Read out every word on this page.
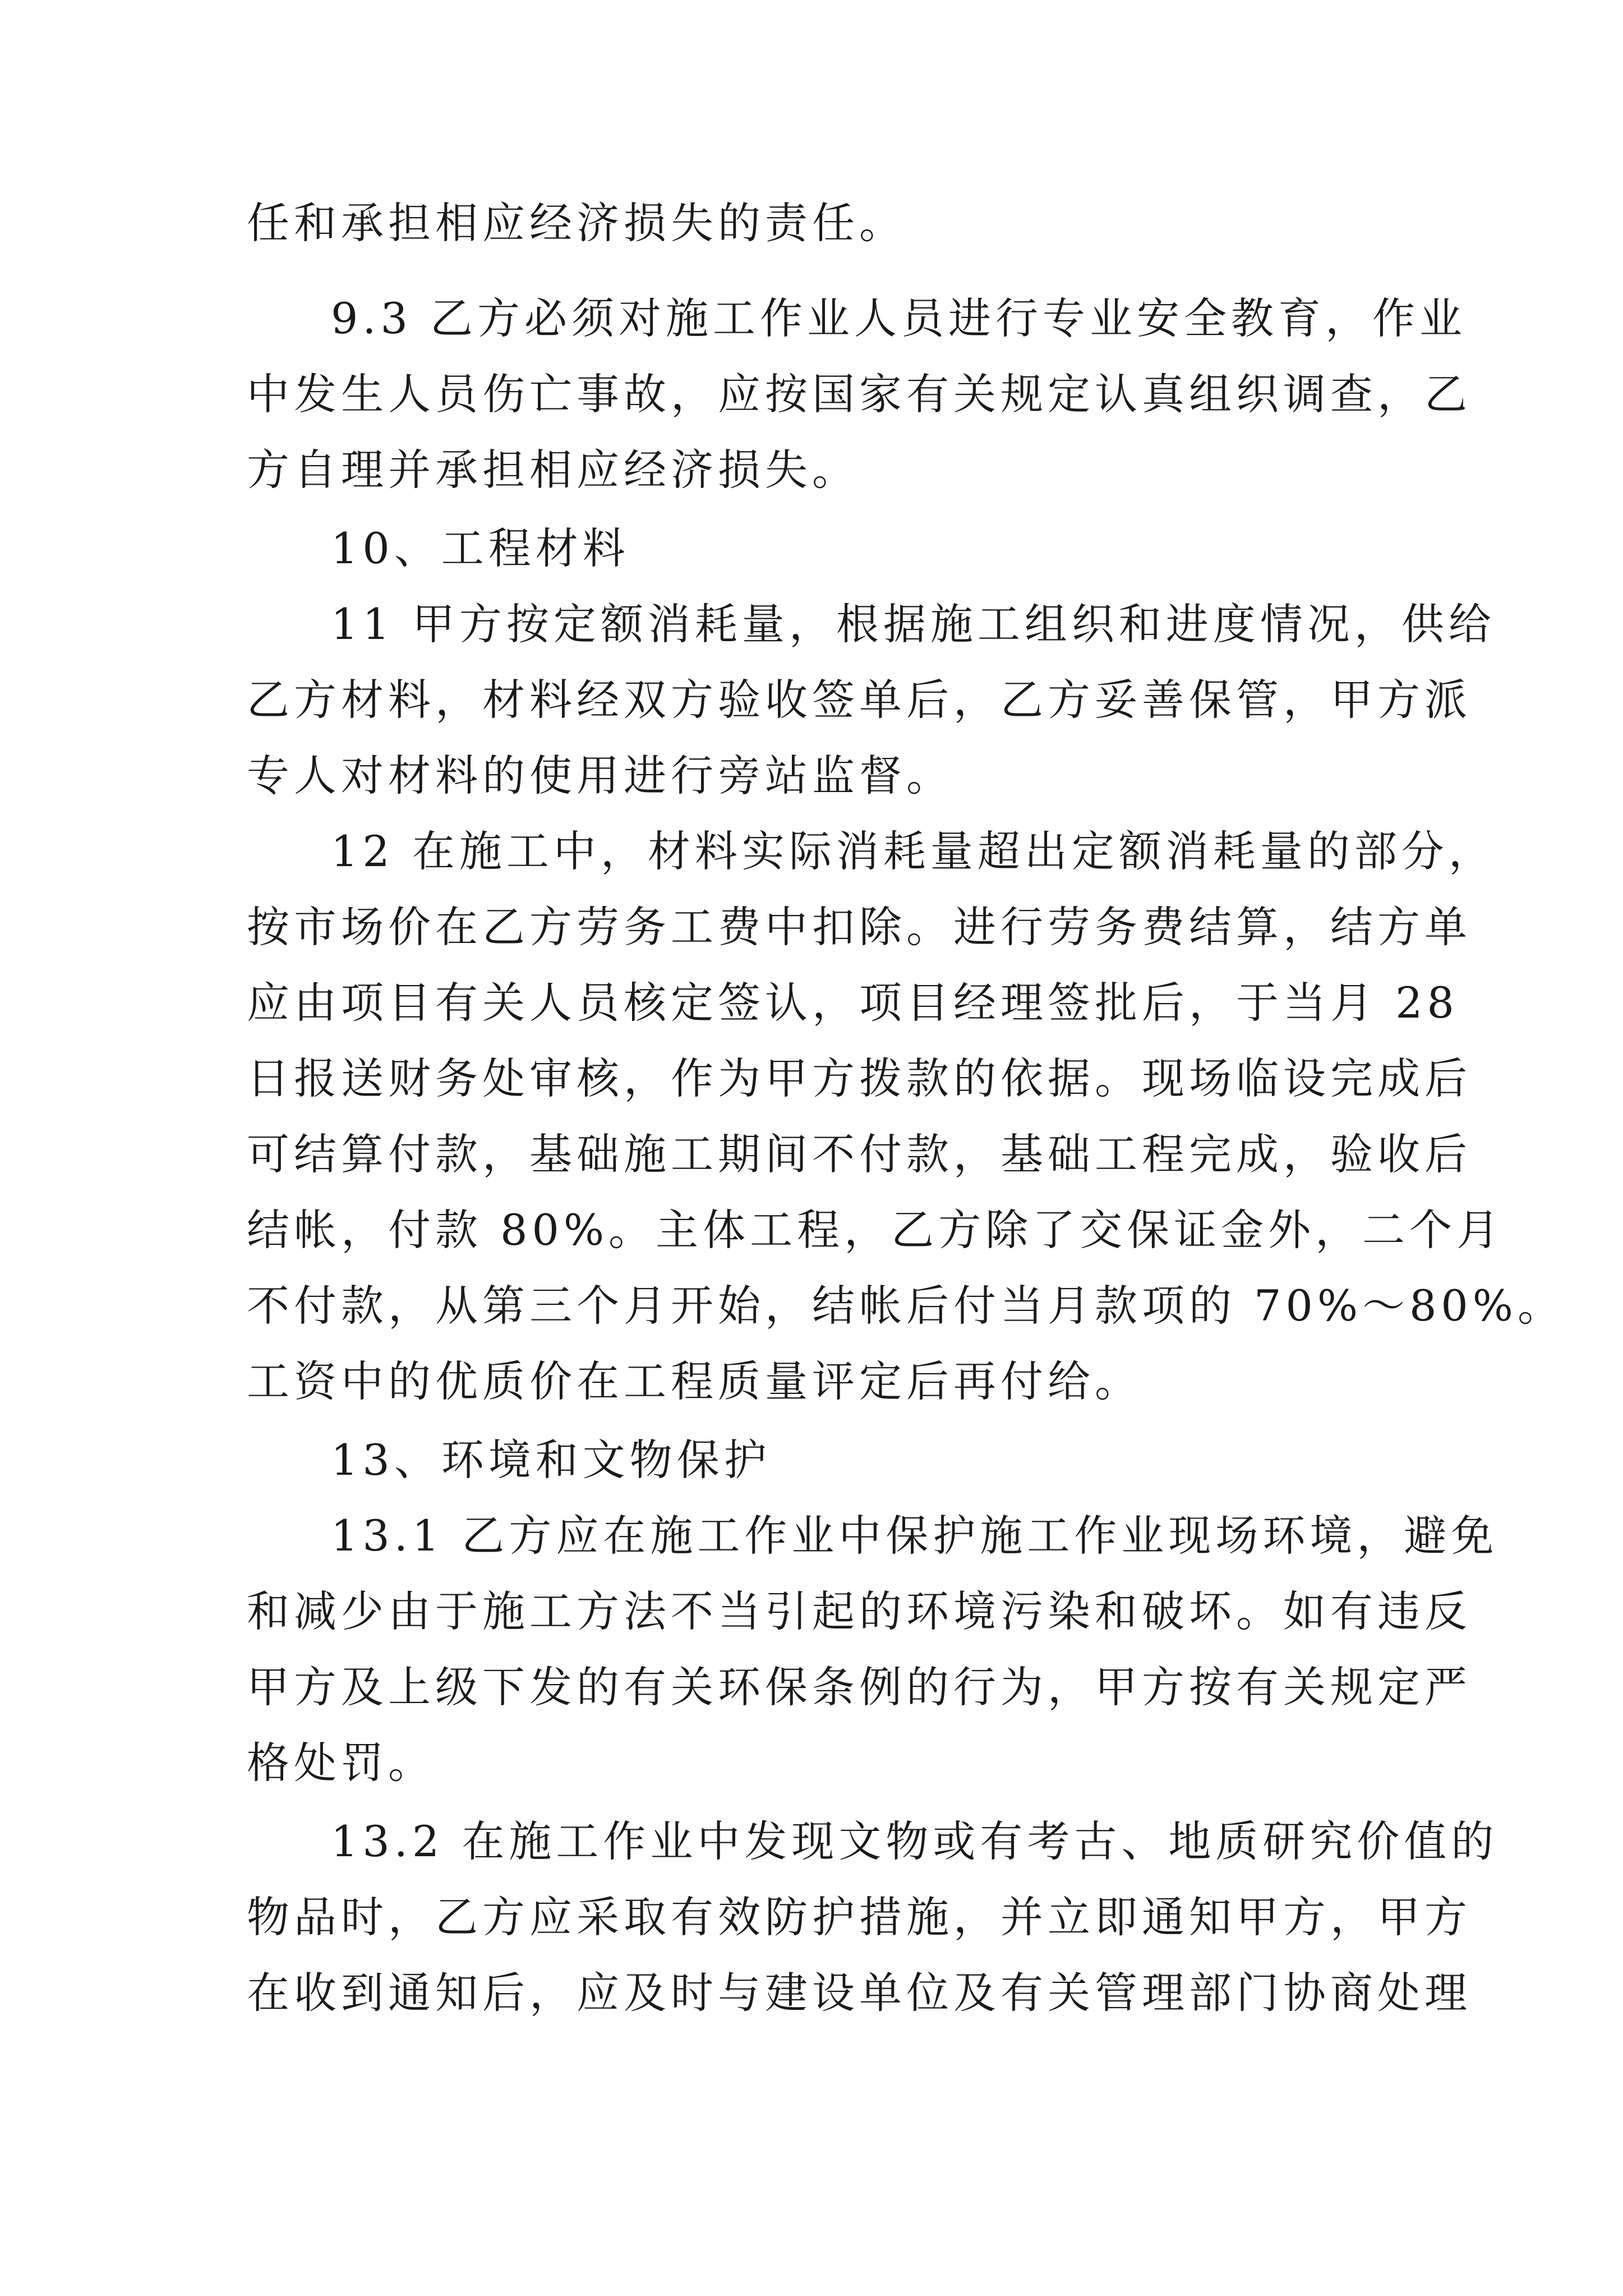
任和承担相应经济损失的责任。
9.3 乙方必须对施工作业人员进行专业安全教育，作业
中发生人员伤亡事故，应按国家有关规定认真组织调查，乙
方自理并承担相应经济损失。
10、工程材料
11 甲方按定额消耗量，根据施工组织和进度情况，供给
乙方材料，材料经双方验收签单后，乙方妥善保管，甲方派
专人对材料的使用进行旁站监督。
12 在施工中，材料实际消耗量超出定额消耗量的部分，
按市场价在乙方劳务工费中扣除。进行劳务费结算，结方单
应由项目有关人员核定签认，项目经理签批后，于当月 28
日报送财务处审核，作为甲方拨款的依据。现场临设完成后
可结算付款，基础施工期间不付款，基础工程完成，验收后
结帐，付款 80%。主体工程，乙方除了交保证金外，二个月
不付款，从第三个月开始，结帐后付当月款项的 70%～80%。
工资中的优质价在工程质量评定后再付给。
13、环境和文物保护
13.1 乙方应在施工作业中保护施工作业现场环境，避免
和减少由于施工方法不当引起的环境污染和破坏。如有违反
甲方及上级下发的有关环保条例的行为，甲方按有关规定严
格处罚。
13.2 在施工作业中发现文物或有考古、地质研究价值的
物品时，乙方应采取有效防护措施，并立即通知甲方，甲方
在收到通知后，应及时与建设单位及有关管理部门协商处理
